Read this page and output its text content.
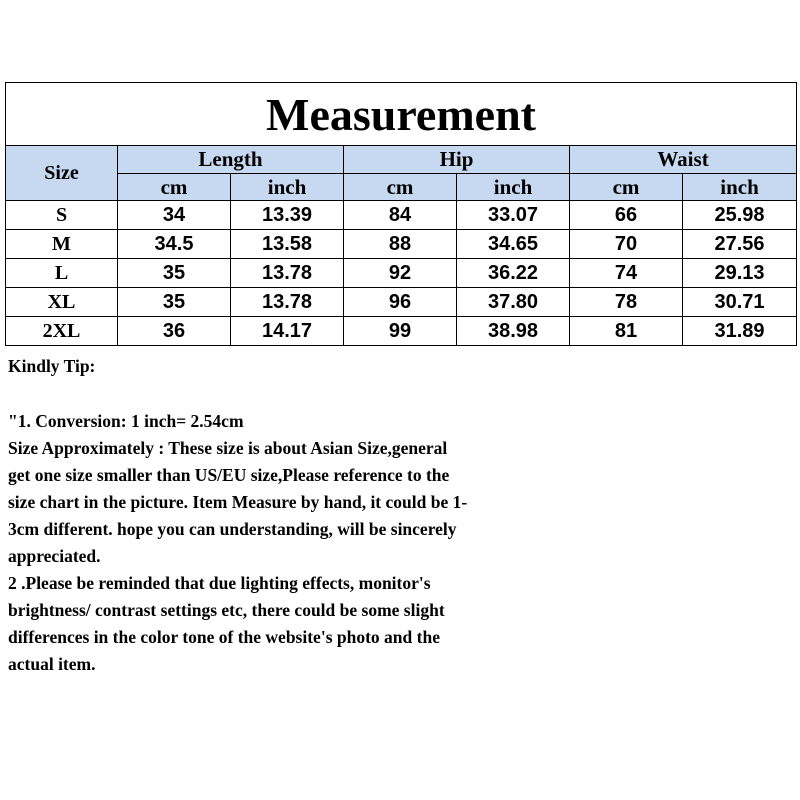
Measurement						
Size	Length		Hip		Waist	
	cm	inch	cm	inch	cm	inch
S	34	13.39	84	33.07	66	25.98
M	34.5	13.58	88	34.65	70	27.56
L	35	13.78	92	36.22	74	29.13
XL	35	13.78	96	37.80	78	30.71
2XL	36	14.17	99	38.98	81	31.89
Kindly Tip:
"1. Conversion: 1 inch= 2.54cm
Size Approximately : These size is about Asian Size,general
get one size smaller than US/EU size,Please reference to the
size chart in the picture. Item Measure by hand, it could be 1-
3cm different. hope you can understanding, will be sincerely
appreciated.
2 .Please be reminded that due lighting effects, monitor's
brightness/ contrast settings etc, there could be some slight
differences in the color tone of the website's photo and the
actual item.
